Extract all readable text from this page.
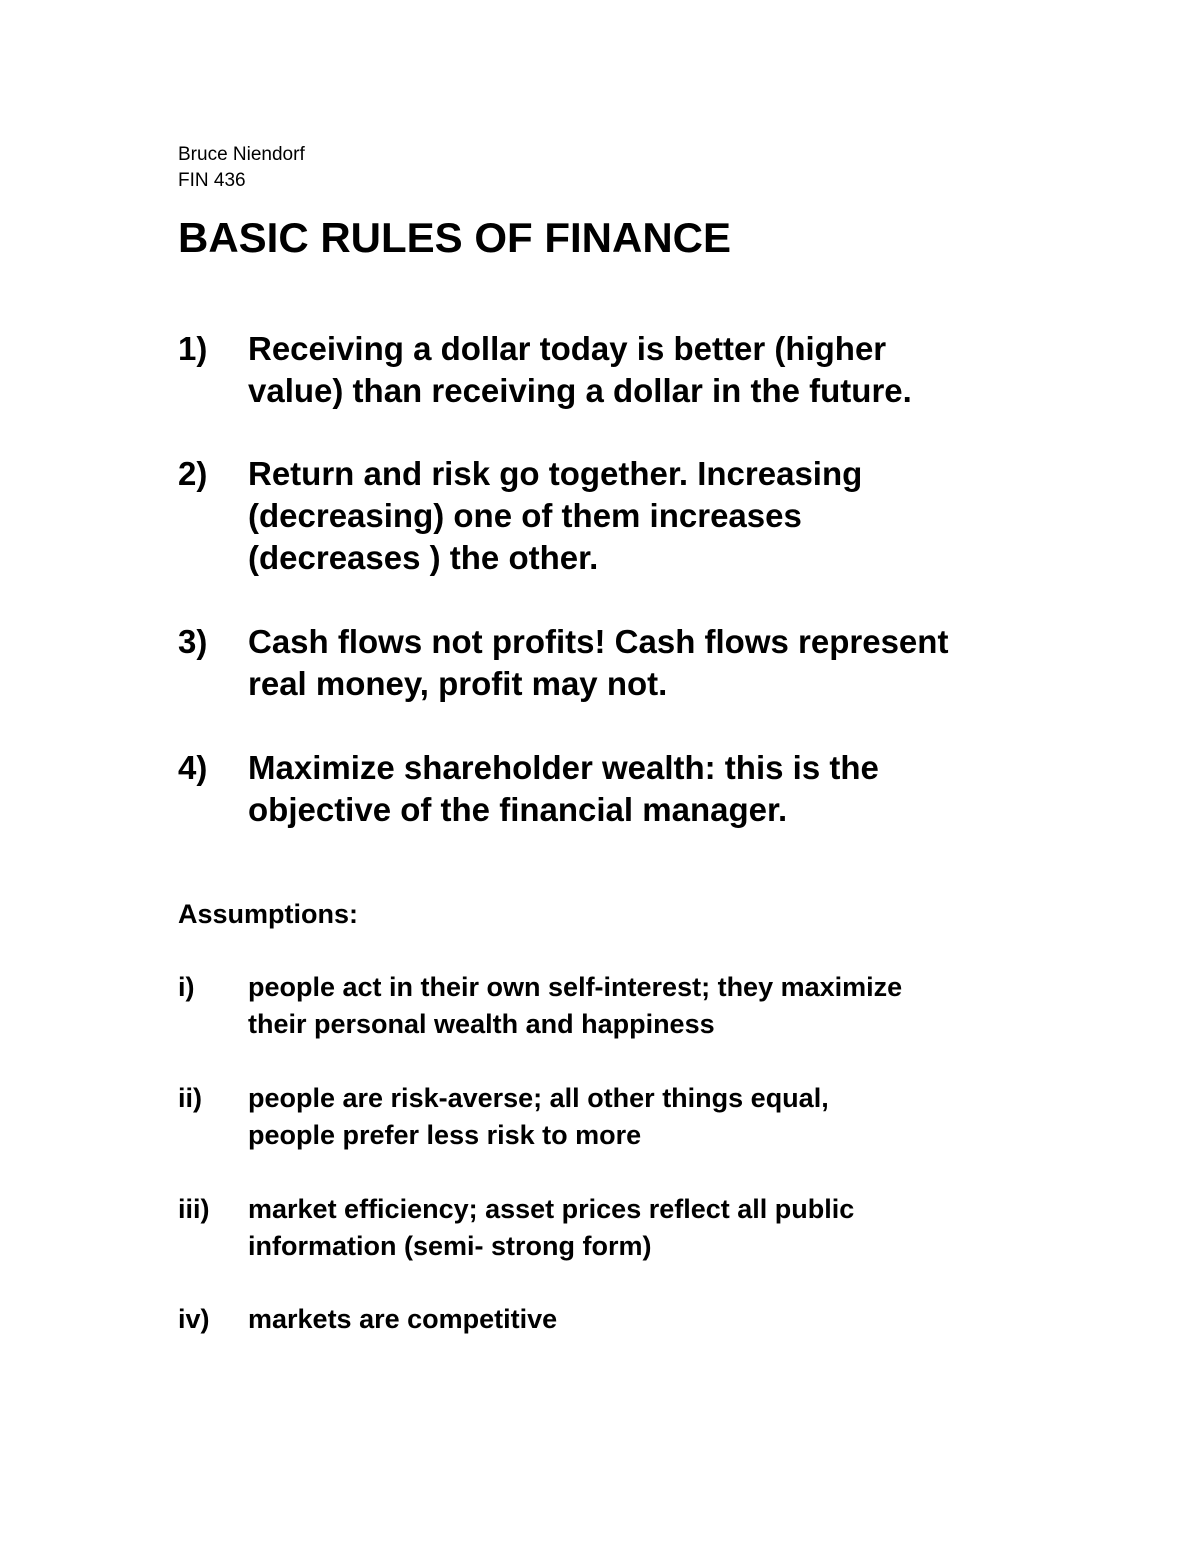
Bruce Niendorf
FIN 436
BASIC RULES OF FINANCE
1) Receiving a dollar today is better (higher
value) than receiving a dollar in the future.
2) Return and risk go together. Increasing
(decreasing) one of them increases
(decreases ) the other.
3) Cash flows not profits! Cash flows represent
real money, profit may not.
4) Maximize shareholder wealth: this is the
objective of the financial manager.
Assumptions:
i) people act in their own self-interest; they maximize
their personal wealth and happiness
ii) people are risk-averse; all other things equal,
people prefer less risk to more
iii) market efficiency; asset prices reflect all public
information (semi- strong form)
iv) markets are competitive
